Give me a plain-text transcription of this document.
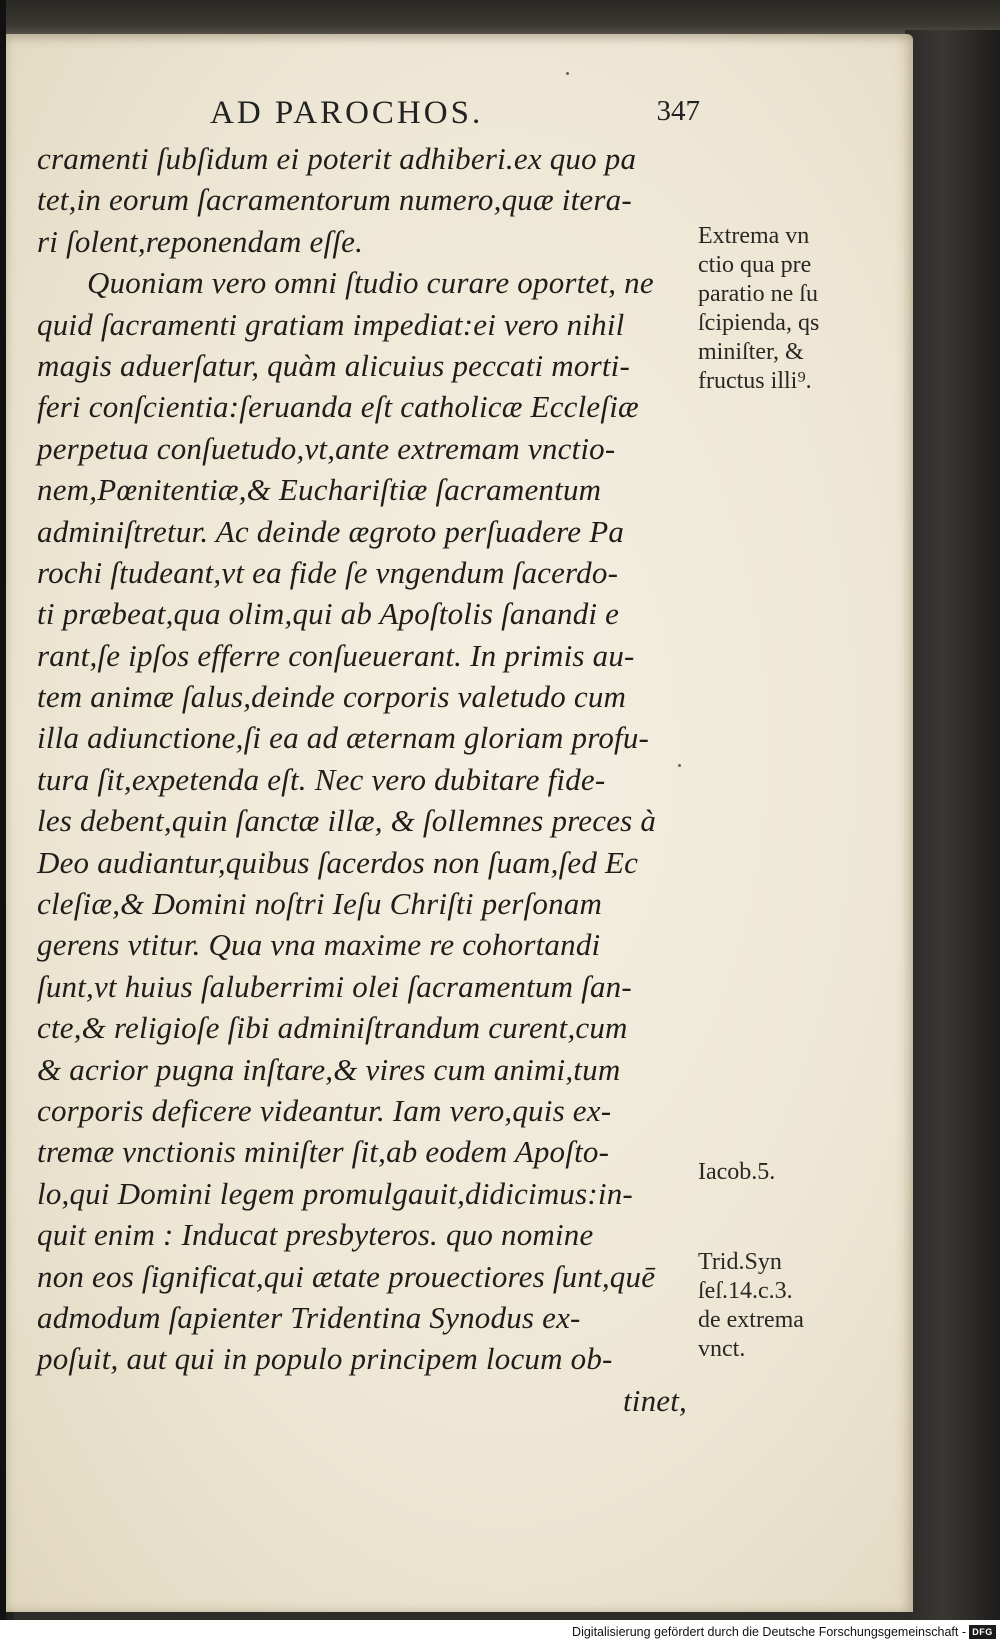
AD PAROCHOS.	347
cramenti ſubſidum ei poterit adhiberi.ex quo pa
tet,in eorum ſacramentorum numero,quæ itera-
ri ſolent,reponendam eſſe.
Quoniam vero omni ſtudio curare oportet, ne
quid ſacramenti gratiam impediat:ei vero nihil
magis aduerſatur, quàm alicuius peccati morti-
feri conſcientia:ſeruanda eſt catholicæ Eccleſiæ
perpetua conſuetudo,vt,ante extremam vnctio-
nem,Pœnitentiæ,& Euchariſtiæ ſacramentum
adminiſtretur. Ac deinde ægroto perſuadere Pa
rochi ſtudeant,vt ea fide ſe vngendum ſacerdo-
ti præbeat,qua olim,qui ab Apoſtolis ſanandi e
rant,ſe ipſos efferre conſueuerant. In primis au-
tem animæ ſalus,deinde corporis valetudo cum
illa adiunctione,ſi ea ad æternam gloriam profu-
tura ſit,expetenda eſt. Nec vero dubitare fide-
les debent,quin ſanctæ illæ, & ſollemnes preces à
Deo audiantur,quibus ſacerdos non ſuam,ſed Ec
cleſiæ,& Domini noſtri Ieſu Chriſti perſonam
gerens vtitur. Qua vna maxime re cohortandi
ſunt,vt huius ſaluberrimi olei ſacramentum ſan-
cte,& religioſe ſibi adminiſtrandum curent,cum
& acrior pugna inſtare,& vires cum animi,tum
corporis deficere videantur. Iam vero,quis ex-
tremæ vnctionis miniſter ſit,ab eodem Apoſto-
lo,qui Domini legem promulgauit,didicimus:in-
quit enim : Inducat presbyteros. quo nomine
non eos ſignificat,qui ætate prouectiores ſunt,quē
admodum ſapienter Tridentina Synodus ex-
poſuit, aut qui in populo principem locum ob-
tinet,
Extrema vn
ctio qua pre
paratio ne ſu
ſcipienda, qs
miniſter, &
fructus illi⁹.
Iacob.5.
Trid.Syn
ſeſ.14.c.3.
de extrema
vnct.
Digitalisierung gefördert durch die Deutsche Forschungsgemeinschaft - DFG
